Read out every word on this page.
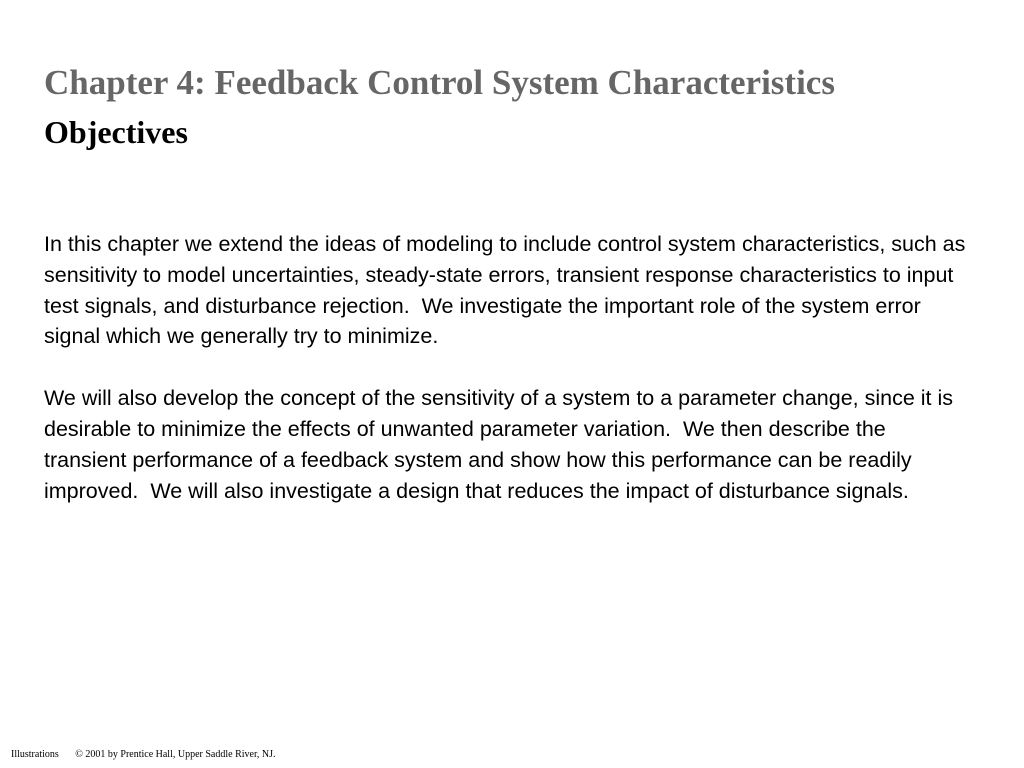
Chapter 4: Feedback Control System Characteristics
Objectives

In this chapter we extend the ideas of modeling to include control system characteristics, such as sensitivity to model uncertainties, steady-state errors, transient response characteristics to input test signals, and disturbance rejection.  We investigate the important role of the system error signal which we generally try to minimize.

We will also develop the concept of the sensitivity of a system to a parameter change, since it is desirable to minimize the effects of unwanted parameter variation.  We then describe the transient performance of a feedback system and show how this performance can be readily improved.  We will also investigate a design that reduces the impact of disturbance signals.

Illustrations © 2001 by Prentice Hall, Upper Saddle River, NJ.
